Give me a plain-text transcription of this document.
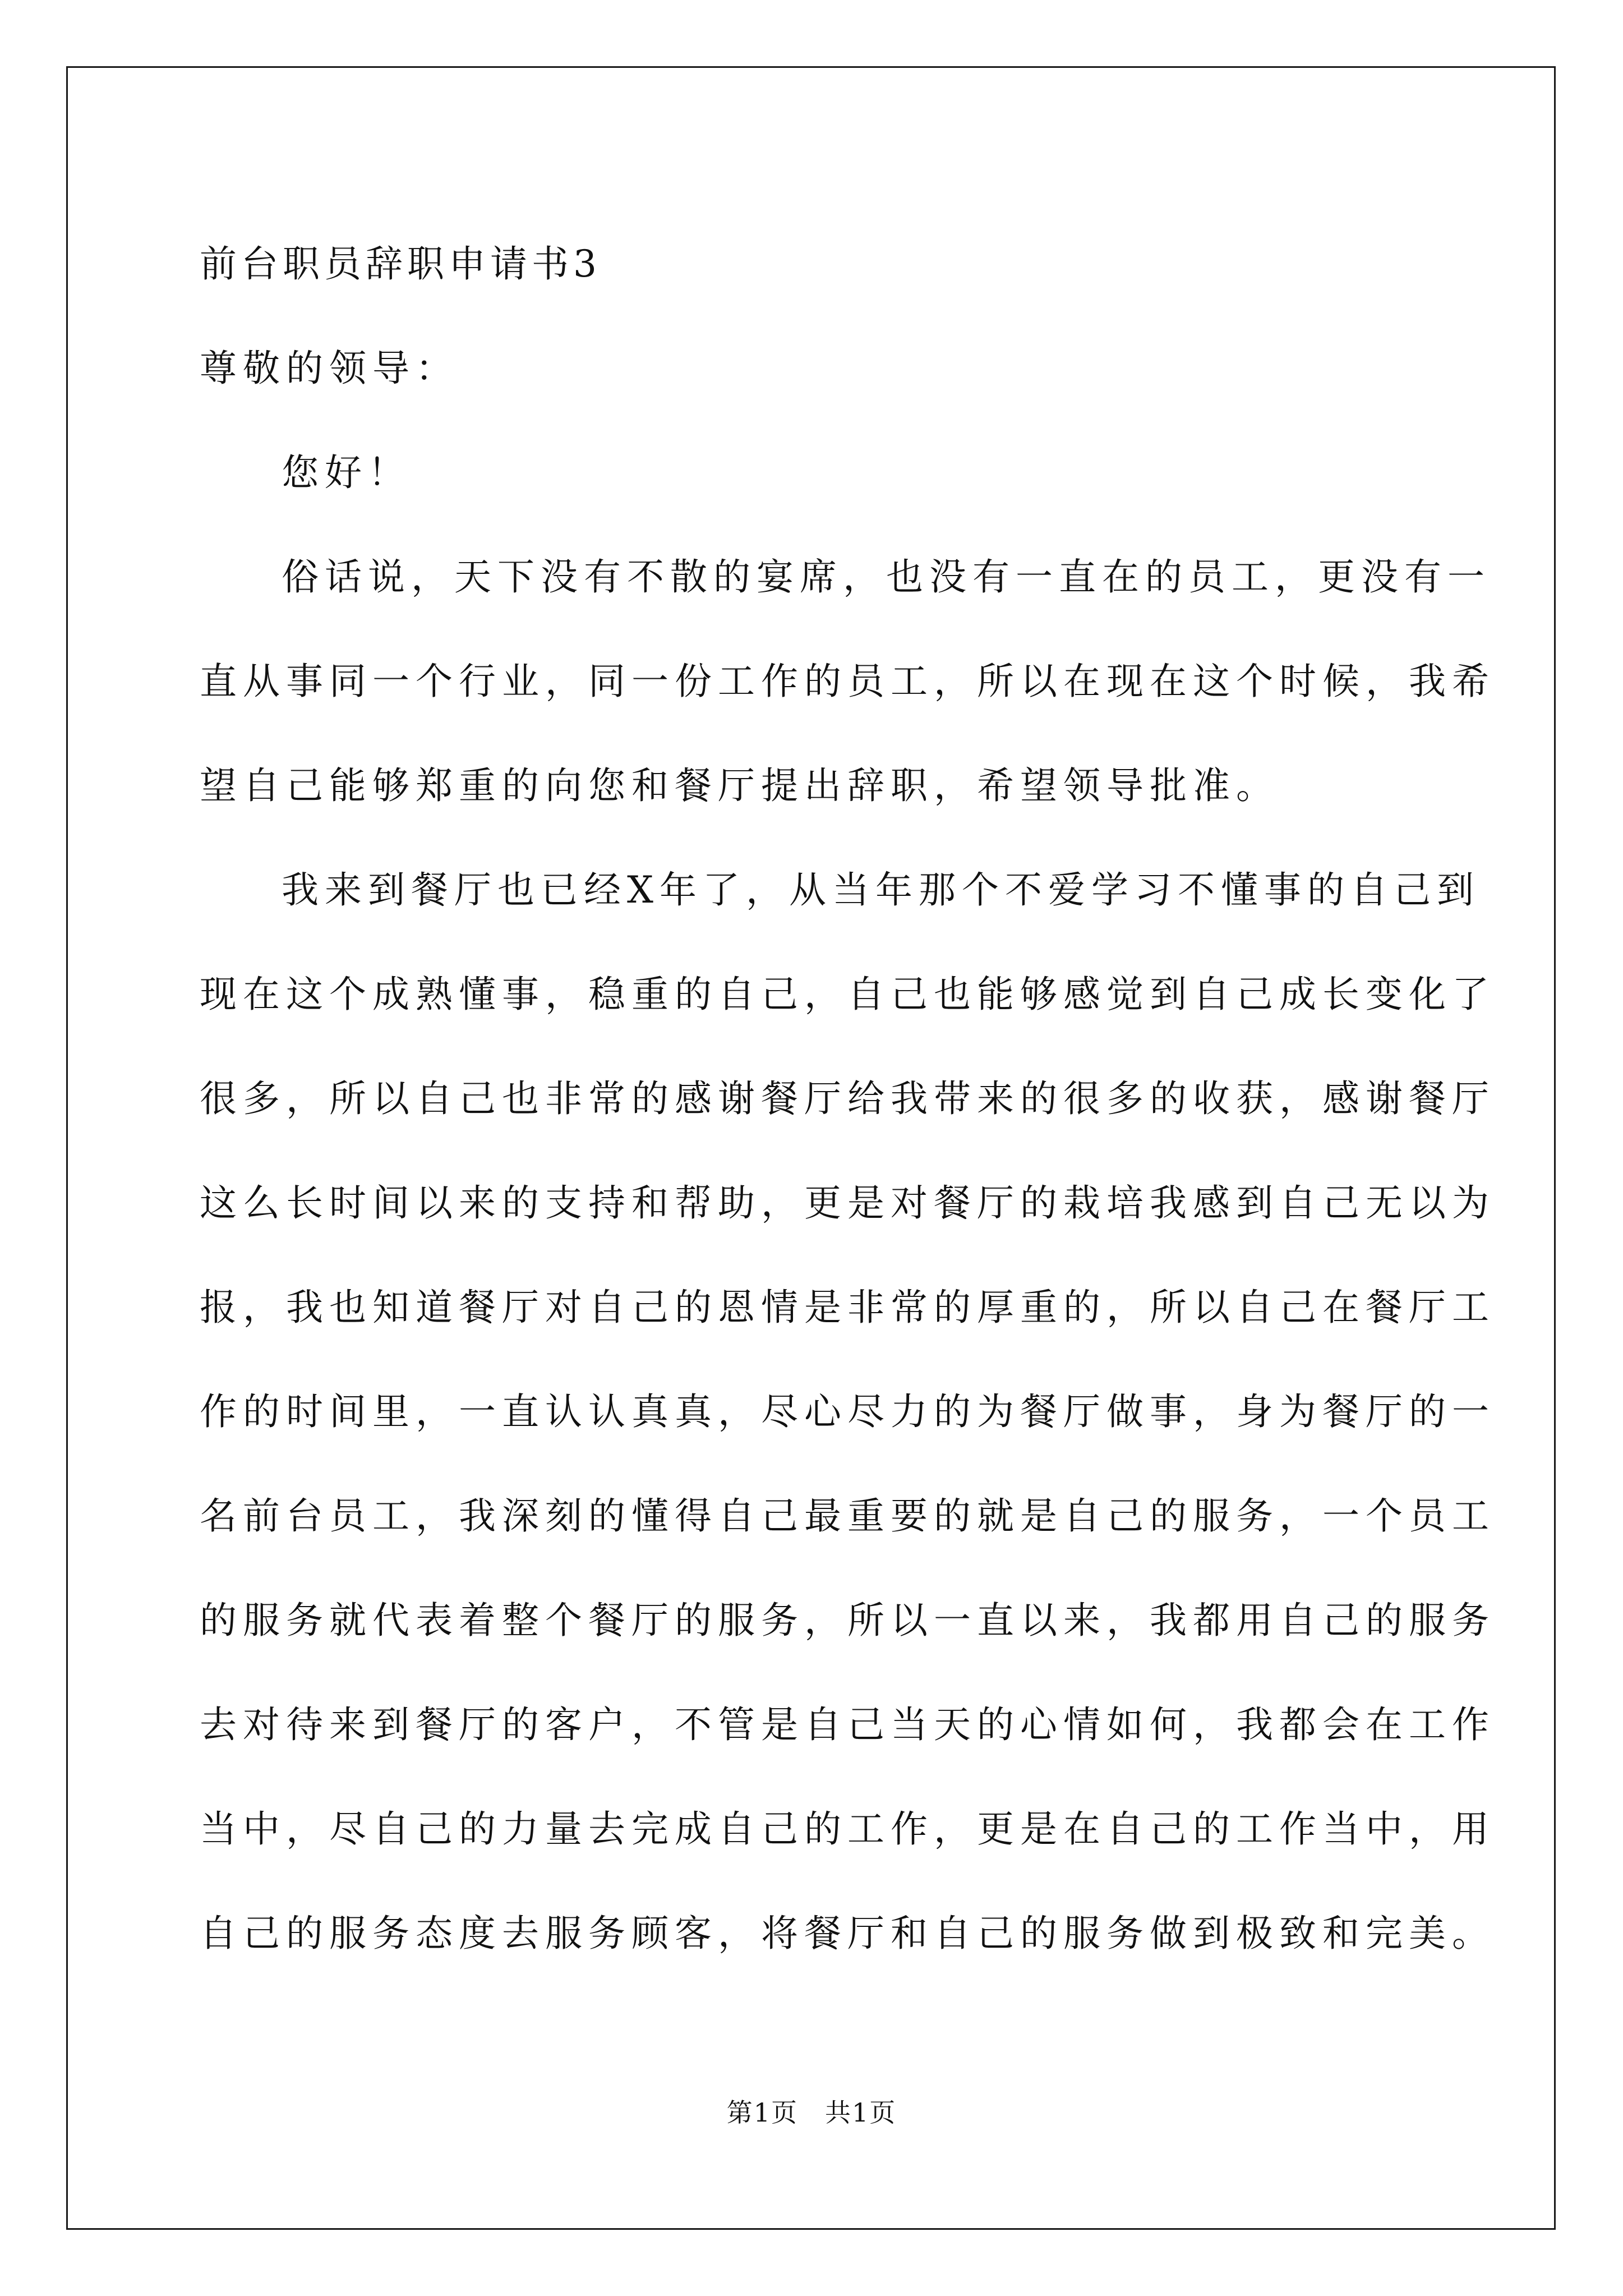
前台职员辞职申请书3

尊敬的领导：

您好！

俗话说，天下没有不散的宴席，也没有一直在的员工，更没有一

直从事同一个行业，同一份工作的员工，所以在现在这个时候，我希

望自己能够郑重的向您和餐厅提出辞职，希望领导批准。

我来到餐厅也已经X年了，从当年那个不爱学习不懂事的自己到

现在这个成熟懂事，稳重的自己，自己也能够感觉到自己成长变化了

很多，所以自己也非常的感谢餐厅给我带来的很多的收获，感谢餐厅

这么长时间以来的支持和帮助，更是对餐厅的栽培我感到自己无以为

报，我也知道餐厅对自己的恩情是非常的厚重的，所以自己在餐厅工

作的时间里，一直认认真真，尽心尽力的为餐厅做事，身为餐厅的一

名前台员工，我深刻的懂得自己最重要的就是自己的服务，一个员工

的服务就代表着整个餐厅的服务，所以一直以来，我都用自己的服务

去对待来到餐厅的客户，不管是自己当天的心情如何，我都会在工作

当中，尽自己的力量去完成自己的工作，更是在自己的工作当中，用

自己的服务态度去服务顾客，将餐厅和自己的服务做到极致和完美。

第1页　共1页
